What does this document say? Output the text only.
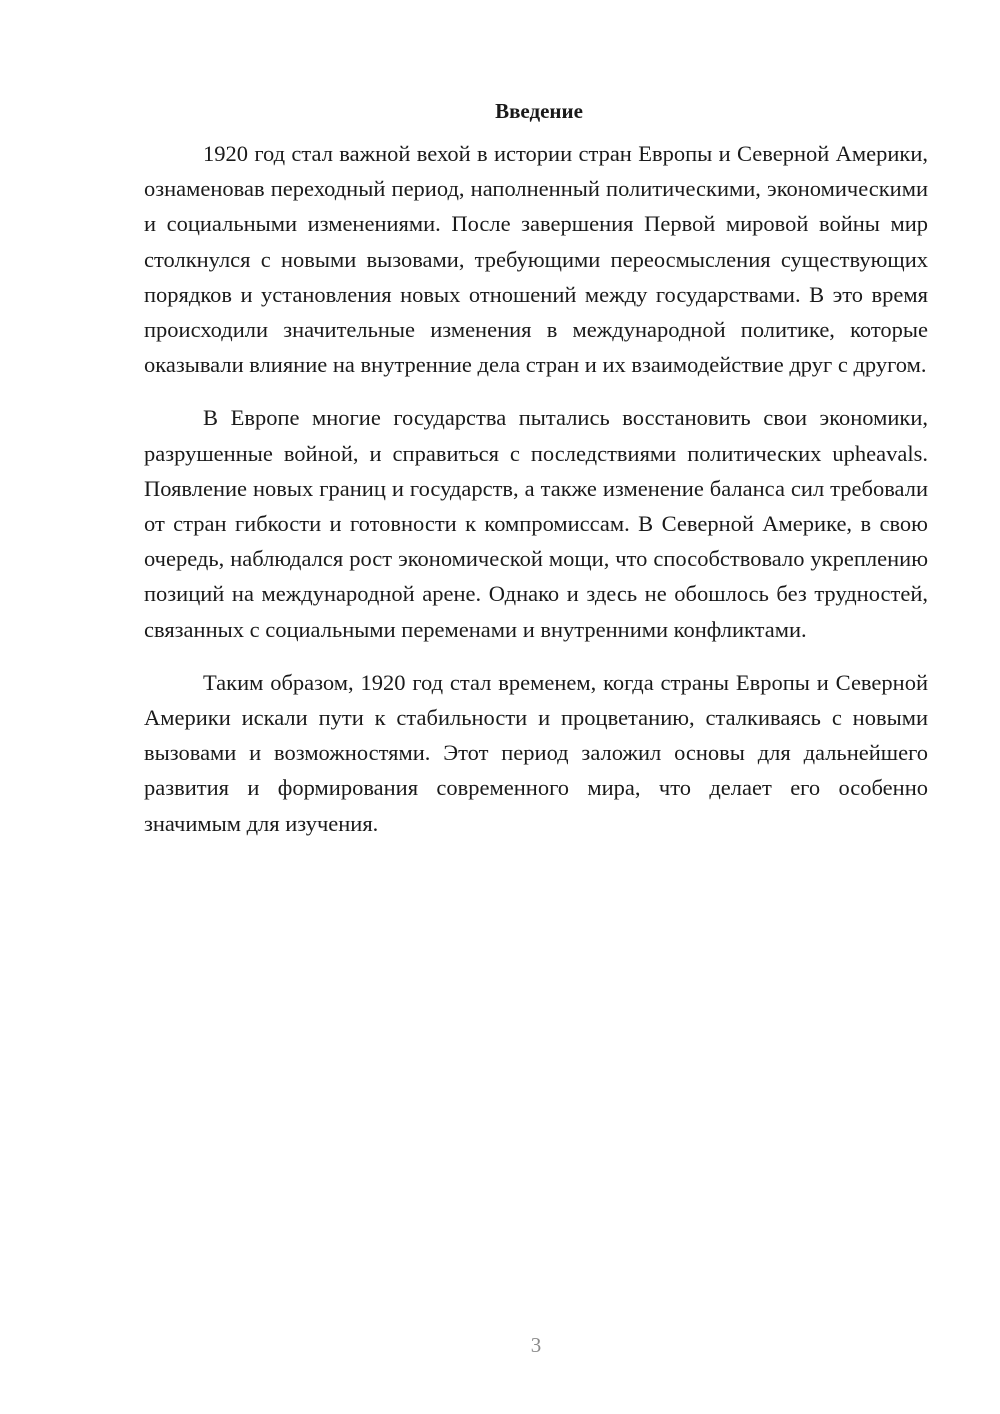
Введение

1920 год стал важной вехой в истории стран Европы и Северной Америки, ознаменовав переходный период, наполненный политическими, экономическими и социальными изменениями. После завершения Первой мировой войны мир столкнулся с новыми вызовами, требующими переосмысления существующих порядков и установления новых отношений между государствами. В это время происходили значительные изменения в международной политике, которые оказывали влияние на внутренние дела стран и их взаимодействие друг с другом.

В Европе многие государства пытались восстановить свои экономики, разрушенные войной, и справиться с последствиями политических upheavals. Появление новых границ и государств, а также изменение баланса сил требовали от стран гибкости и готовности к компромиссам. В Северной Америке, в свою очередь, наблюдался рост экономической мощи, что способствовало укреплению позиций на международной арене. Однако и здесь не обошлось без трудностей, связанных с социальными переменами и внутренними конфликтами.

Таким образом, 1920 год стал временем, когда страны Европы и Северной Америки искали пути к стабильности и процветанию, сталкиваясь с новыми вызовами и возможностями. Этот период заложил основы для дальнейшего развития и формирования современного мира, что делает его особенно значимым для изучения.

3
